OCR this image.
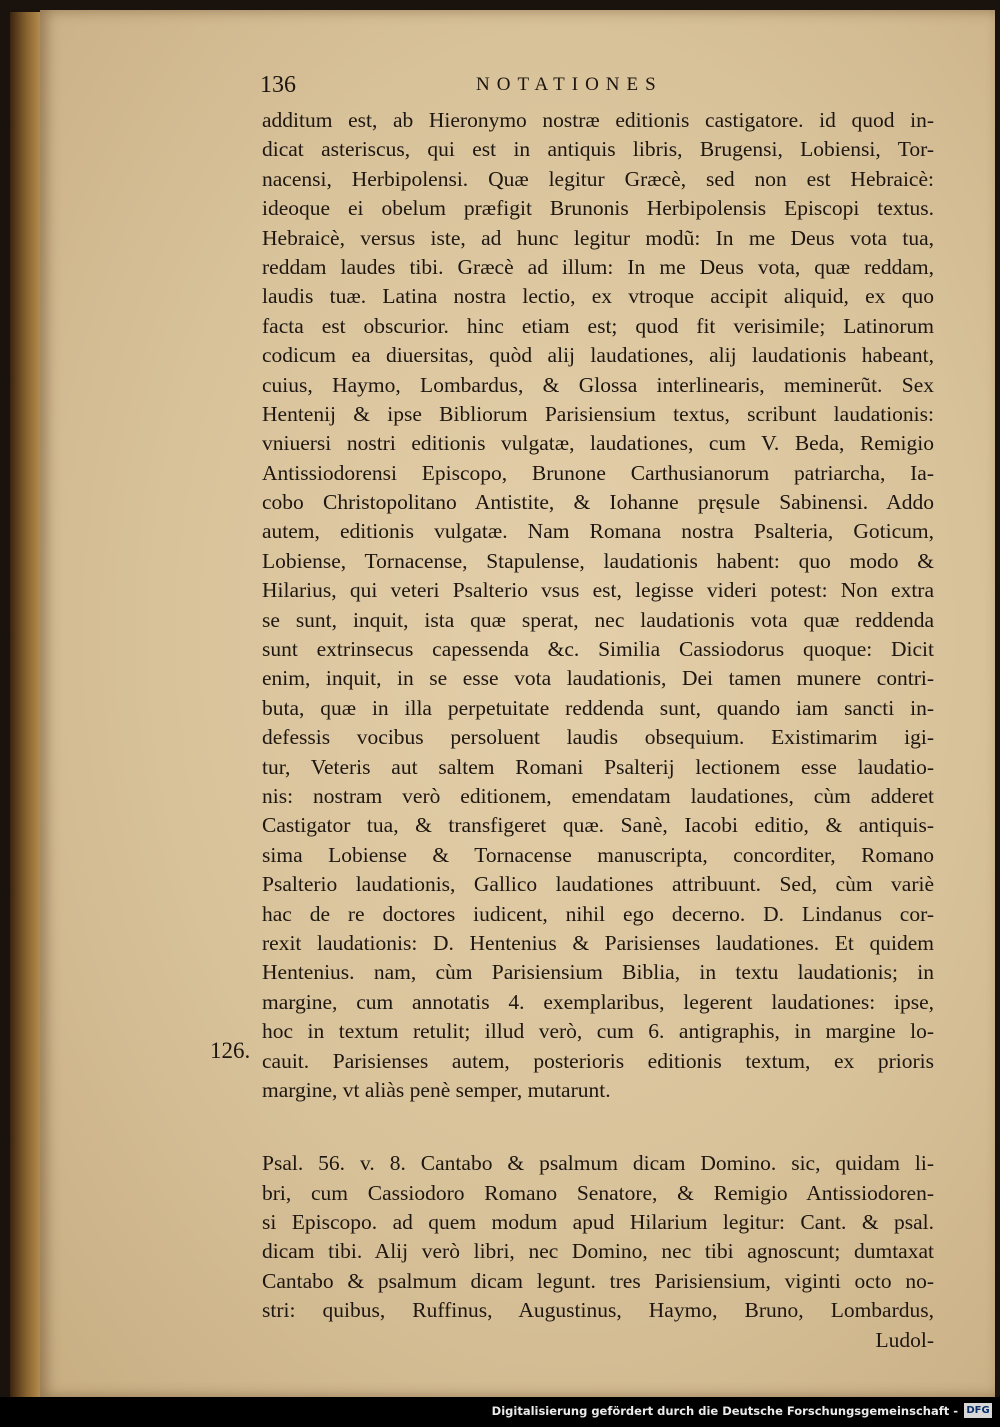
136	NOTATIONES
additum est, ab Hieronymo nostræ editionis castigatore. id quod in-
dicat asteriscus, qui est in antiquis libris, Brugensi, Lobiensi, Tor-
nacensi, Herbipolensi. Quæ legitur Græcè, sed non est Hebraicè:
ideoque ei obelum præfigit Brunonis Herbipolensis Episcopi textus.
Hebraicè, versus iste, ad hunc legitur modũ: In me Deus vota tua,
reddam laudes tibi. Græcè ad illum: In me Deus vota, quæ reddam,
laudis tuæ. Latina nostra lectio, ex vtroque accipit aliquid, ex quo
facta est obscurior. hinc etiam est; quod fit verisimile; Latinorum
codicum ea diuersitas, quòd alij laudationes, alij laudationis habeant,
cuius, Haymo, Lombardus, & Glossa interlinearis, meminerũt. Sex
Hentenij & ipse Bibliorum Parisiensium textus, scribunt laudationis:
vniuersi nostri editionis vulgatæ, laudationes, cum V. Beda, Remigio
Antissiodorensi Episcopo, Brunone Carthusianorum patriarcha, Ia-
cobo Christopolitano Antistite, & Iohanne pręsule Sabinensi. Addo
autem, editionis vulgatæ. Nam Romana nostra Psalteria, Goticum,
Lobiense, Tornacense, Stapulense, laudationis habent: quo modo &
Hilarius, qui veteri Psalterio vsus est, legisse videri potest: Non extra
se sunt, inquit, ista quæ sperat, nec laudationis vota quæ reddenda
sunt extrinsecus capessenda &c. Similia Cassiodorus quoque: Dicit
enim, inquit, in se esse vota laudationis, Dei tamen munere contri-
buta, quæ in illa perpetuitate reddenda sunt, quando iam sancti in-
defessis vocibus persoluent laudis obsequium. Existimarim igi-
tur, Veteris aut saltem Romani Psalterij lectionem esse laudatio-
nis: nostram verò editionem, emendatam laudationes, cùm adderet
Castigator tua, & transfigeret quæ. Sanè, Iacobi editio, & antiquis-
sima Lobiense & Tornacense manuscripta, concorditer, Romano
Psalterio laudationis, Gallico laudationes attribuunt. Sed, cùm variè
hac de re doctores iudicent, nihil ego decerno. D. Lindanus cor-
rexit laudationis: D. Hentenius & Parisienses laudationes. Et quidem
Hentenius. nam, cùm Parisiensium Biblia, in textu laudationis; in
margine, cum annotatis 4. exemplaribus, legerent laudationes: ipse,
hoc in textum retulit; illud verò, cum 6. antigraphis, in margine lo-
cauit. Parisienses autem, posterioris editionis textum, ex prioris
margine, vt aliàs penè semper, mutarunt.
Psal. 56. v. 8. Cantabo & psalmum dicam Domino. sic, quidam li-
bri, cum Cassiodoro Romano Senatore, & Remigio Antissiodoren-
si Episcopo. ad quem modum apud Hilarium legitur: Cant. & psal.
dicam tibi. Alij verò libri, nec Domino, nec tibi agnoscunt; dumtaxat
Cantabo & psalmum dicam legunt. tres Parisiensium, viginti octo no-
stri: quibus, Ruffinus, Augustinus, Haymo, Bruno, Lombardus,
Ludol-
126.
Digitalisierung gefördert durch die Deutsche Forschungsgemeinschaft - DFG
